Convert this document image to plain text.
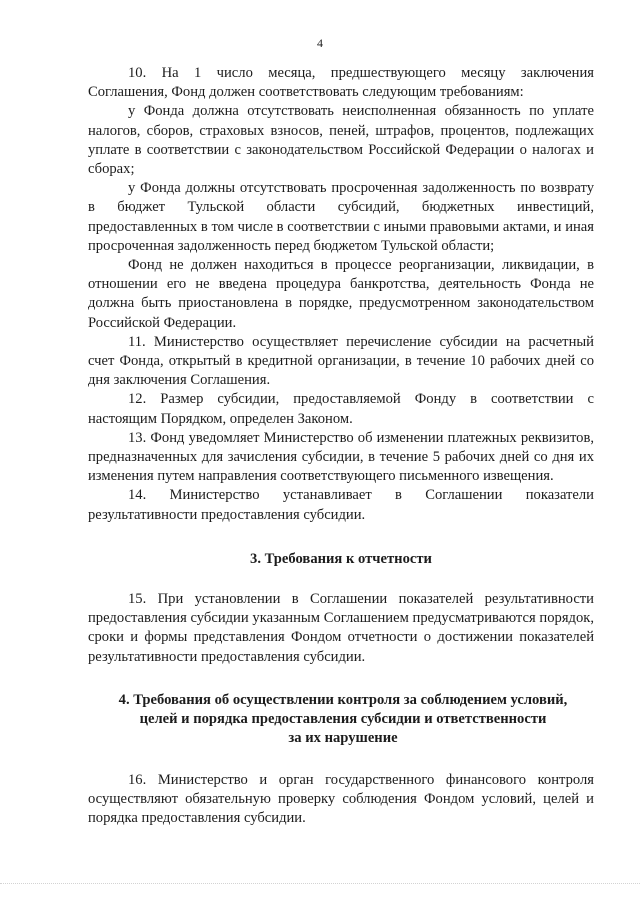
4

10. На 1 число месяца, предшествующего месяцу заключения Соглашения, Фонд должен соответствовать следующим требованиям:

у Фонда должна отсутствовать неисполненная обязанность по уплате налогов, сборов, страховых взносов, пеней, штрафов, процентов, подлежащих уплате в соответствии с законодательством Российской Федерации о налогах и сборах;

у Фонда должны отсутствовать просроченная задолженность по возврату в бюджет Тульской области субсидий, бюджетных инвестиций, предоставленных в том числе в соответствии с иными правовыми актами, и иная просроченная задолженность перед бюджетом Тульской области;

Фонд не должен находиться в процессе реорганизации, ликвидации, в отношении его не введена процедура банкротства, деятельность Фонда не должна быть приостановлена в порядке, предусмотренном законодательством Российской Федерации.

11. Министерство осуществляет перечисление субсидии на расчетный счет Фонда, открытый в кредитной организации, в течение 10 рабочих дней со дня заключения Соглашения.

12. Размер субсидии, предоставляемой Фонду в соответствии с настоящим Порядком, определен Законом.

13. Фонд уведомляет Министерство об изменении платежных реквизитов, предназначенных для зачисления субсидии, в течение 5 рабочих дней со дня их изменения путем направления соответствующего письменного извещения.

14. Министерство устанавливает в Соглашении показатели результативности предоставления субсидии.

3. Требования к отчетности

15. При установлении в Соглашении показателей результативности предоставления субсидии указанным Соглашением предусматриваются порядок, сроки и формы представления Фондом отчетности о достижении показателей результативности предоставления субсидии.

4. Требования об осуществлении контроля за соблюдением условий,
целей и порядка предоставления субсидии и ответственности
за их нарушение

16. Министерство и орган государственного финансового контроля осуществляют обязательную проверку соблюдения Фондом условий, целей и порядка предоставления субсидии.
